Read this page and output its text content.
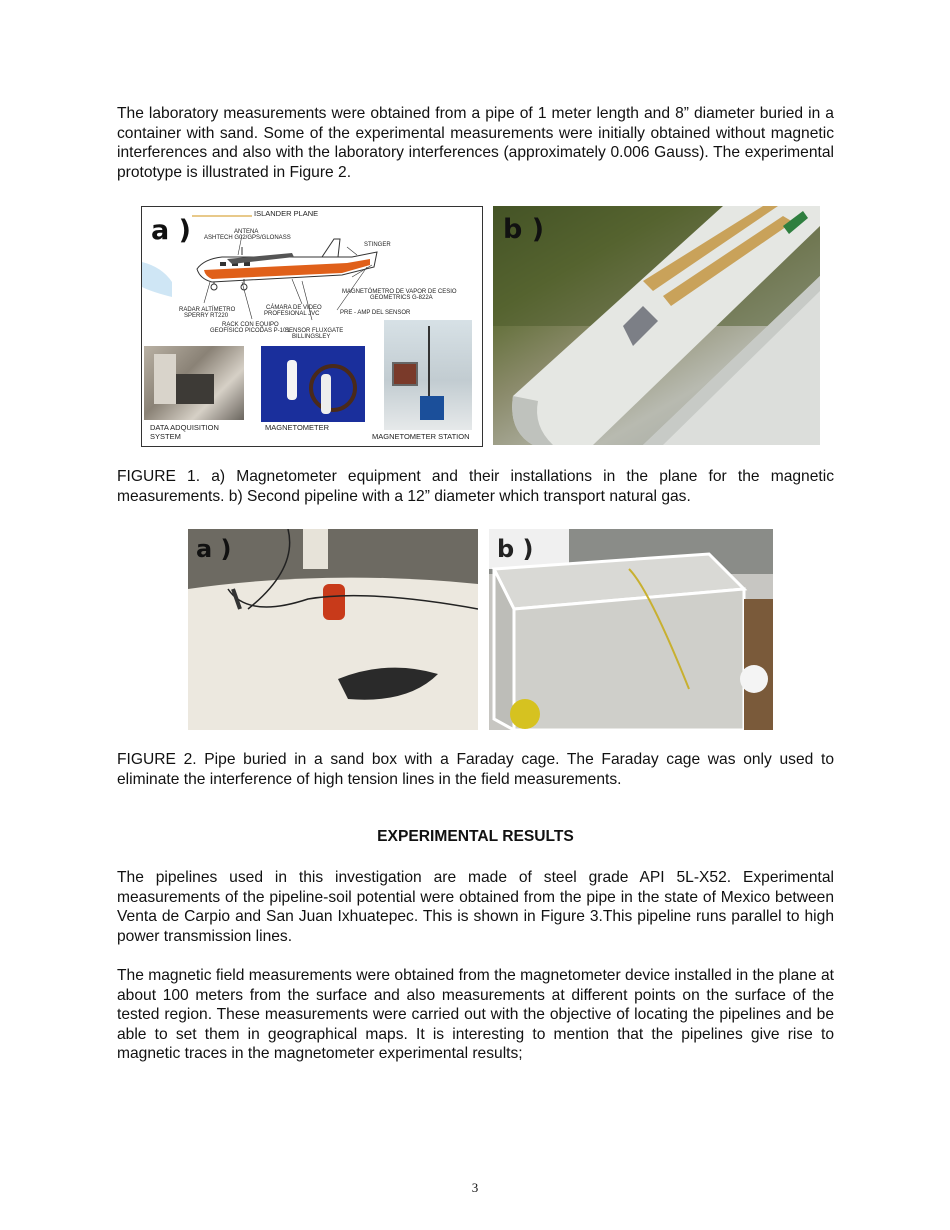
The laboratory measurements were obtained from a pipe of 1 meter length and 8” diameter buried in a container with sand. Some of the experimental measurements were initially obtained without magnetic interferences and also with the laboratory interferences (approximately 0.006 Gauss). The experimental prototype is illustrated in Figure 2.

a )
ISLANDER PLANE
ANTENA
ASHTECH G02/GPS/GLONASS
STINGER
MAGNETÓMETRO DE VAPOR DE CESIO
GEOMETRICS G-822A
PRE - AMP DEL SENSOR
RADAR ALTÍMETRO
SPERRY RT220
CÁMARA DE VIDEO
PROFESIONAL JVC
RACK CON EQUIPO
GEOFÍSICO PICODAS P-101
SENSOR FLUXGATE
BILLINGSLEY
DATA ADQUISITION
SYSTEM
MAGNETOMETER
MAGNETOMETER STATION
b )

FIGURE 1. a) Magnetometer equipment and their installations in the plane for the magnetic measurements. b) Second pipeline with a 12” diameter which transport natural gas.

a )	b )

FIGURE 2. Pipe buried in a sand box with a Faraday cage. The Faraday cage was only used to eliminate the interference of high tension lines in the field measurements.

EXPERIMENTAL RESULTS

The pipelines used in this investigation are made of steel grade API 5L-X52. Experimental measurements of the pipeline-soil potential were obtained from the pipe in the state of Mexico between Venta de Carpio and San Juan Ixhuatepec. This is shown in Figure 3.This pipeline runs parallel to high power transmission lines.

The magnetic field measurements were obtained from the magnetometer device installed in the plane at about 100 meters from the surface and also measurements at different points on the surface of the tested region. These measurements were carried out with the objective of locating the pipelines and be able to set them in geographical maps. It is interesting to mention that the pipelines give rise to magnetic traces in the magnetometer experimental results;

3
